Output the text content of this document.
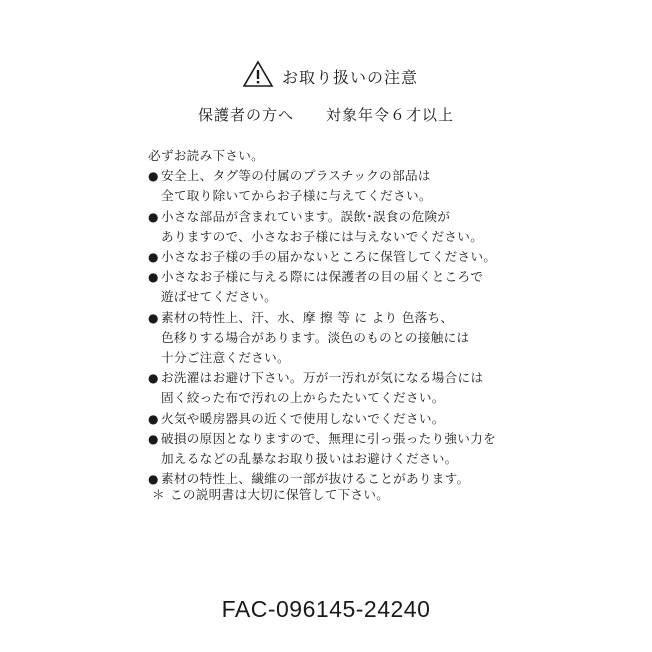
お取り扱いの注意
保護者の方へ 対象年令６才以上

必ずお読み下さい。

● 安全上、タグ等の付属のプラスチックの部品は
全て取り除いてからお子様に与えてください。
● 小さな部品が含まれています。誤飲･誤食の危険が
ありますので、小さなお子様には与えないでください。
● 小さなお子様の手の届かないところに保管してください。
● 小さなお子様に与える際には保護者の目の届くところで
遊ばせてください。
● 素材の特性上、汗、水、摩 擦 等 に より 色落ち、
色移りする場合があります。淡色のものとの接触には
十分ご注意ください。
● お洗濯はお避け下さい。万が一汚れが気になる場合には
固く絞った布で汚れの上からたたいてください。
● 火気や暖房器具の近くで使用しないでください。
● 破損の原因となりますので、無理に引っ張ったり強い力を
加えるなどの乱暴なお取り扱いはお避けください。
● 素材の特性上、繊維の一部が抜けることがあります。
＊ この説明書は大切に保管して下さい。
FAC-096145-24240
